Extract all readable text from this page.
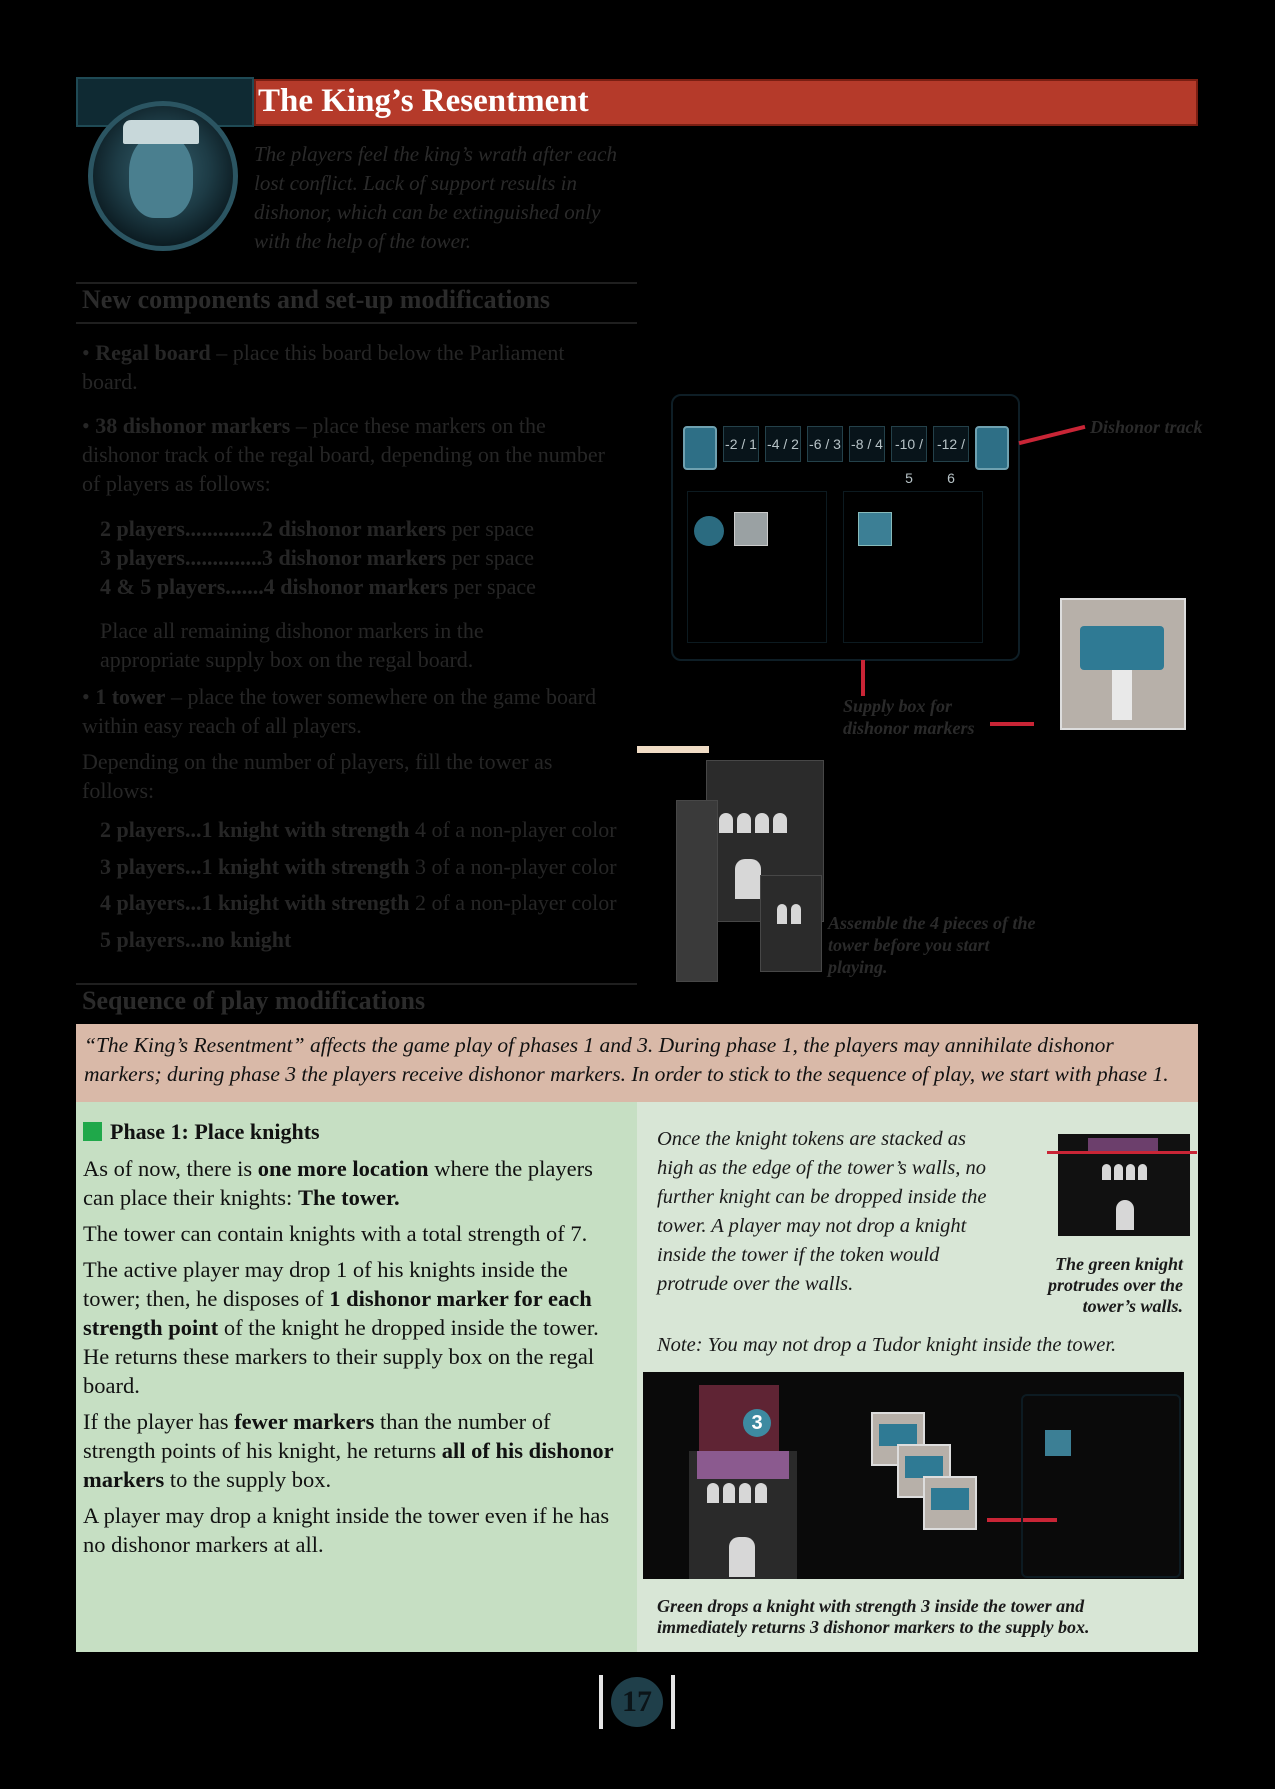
The King’s Resentment
The players feel the king’s wrath after each lost conflict. Lack of support results in dishonor, which can be extinguished only with the help of the tower.
New components and set-up modifications
• Regal board – place this board below the Parliament board.
• 38 dishonor markers – place these markers on the dishonor track of the regal board, depending on the number of players as follows:
2 players..............2 dishonor markers per space
3 players..............3 dishonor markers per space
4 & 5 players.......4 dishonor markers per space
Place all remaining dishonor markers in the appropriate supply box on the regal board.
• 1 tower – place the tower somewhere on the game board within easy reach of all players.
Depending on the number of players, fill the tower as follows:
2 players...1 knight with strength 4 of a non-player color
3 players...1 knight with strength 3 of a non-player color
4 players...1 knight with strength 2 of a non-player color
5 players...no knight
-2 / 1 -4 / 2 -6 / 3 -8 / 4 -10 / 5
-12 / 6
Dishonor track
Supply box for dishonor markers
Assemble the 4 pieces of the tower before you start playing.
Sequence of play modifications
“The King’s Resentment” affects the game play of phases 1 and 3. During phase 1, the players may annihilate dishonor markers; during phase 3 the players receive dishonor markers. In order to stick to the sequence of play, we start with phase 1.
Phase 1: Place knights

As of now, there is one more location where the players can place their knights: The tower.

The tower can contain knights with a total strength of 7.

The active player may drop 1 of his knights inside the tower; then, he disposes of 1 dishonor marker for each strength point of the knight he dropped inside the tower. He returns these markers to their supply box on the regal board.

If the player has fewer markers than the number of strength points of his knight, he returns all of his dishonor markers to the supply box.

A player may drop a knight inside the tower even if he has no dishonor markers at all.

Once the knight tokens are stacked as high as the edge of the tower’s walls, no further knight can be dropped inside the tower. A player may not drop a knight inside the tower if the token would protrude over the walls.
The green knight protrudes over the tower’s walls.
Note: You may not drop a Tudor knight inside the tower.
3
Green drops a knight with strength 3 inside the tower and immediately returns 3 dishonor markers to the supply box.
17
